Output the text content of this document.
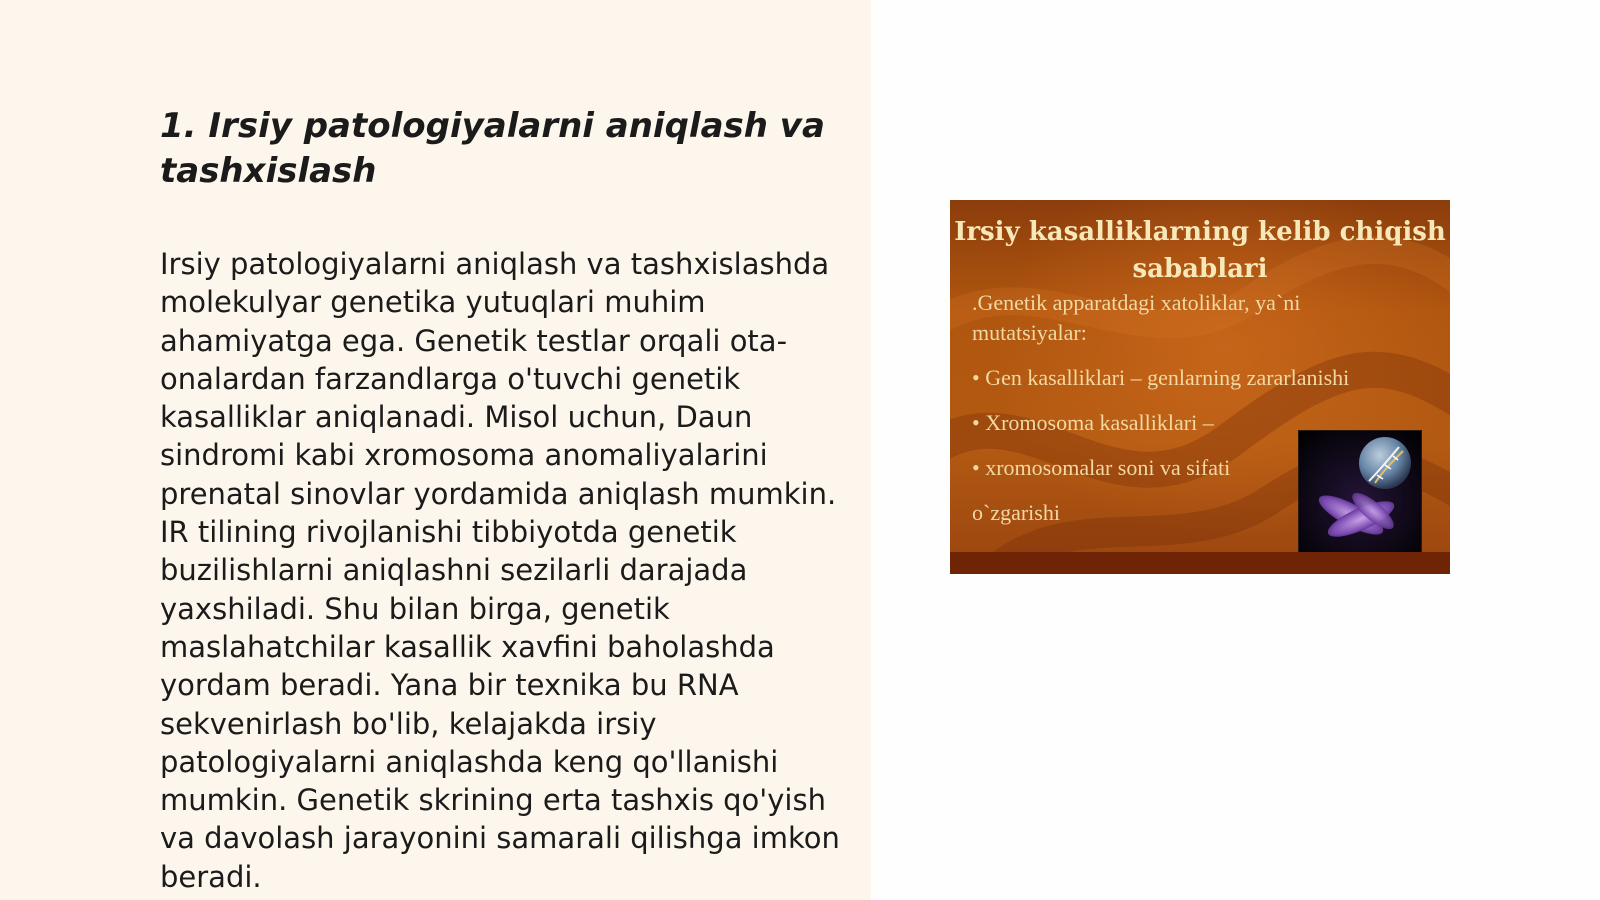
1. Irsiy patologiyalarni aniqlash va tashxislash

Irsiy patologiyalarni aniqlash va tashxislashda molekulyar genetika yutuqlari muhim ahamiyatga ega. Genetik testlar orqali ota-onalardan farzandlarga o'tuvchi genetik kasalliklar aniqlanadi. Misol uchun, Daun sindromi kabi xromosoma anomaliyalarini prenatal sinovlar yordamida aniqlash mumkin. IR tilining rivojlanishi tibbiyotda genetik buzilishlarni aniqlashni sezilarli darajada yaxshiladi. Shu bilan birga, genetik maslahatchilar kasallik xavfini baholashda yordam beradi. Yana bir texnika bu RNA sekvenirlash bo'lib, kelajakda irsiy patologiyalarni aniqlashda keng qo'llanishi mumkin. Genetik skrining erta tashxis qo'yish va davolash jarayonini samarali qilishga imkon beradi.

Irsiy kasalliklarning kelib chiqish
sabablari

.Genetik apparatdagi xatoliklar, ya`ni

mutatsiyalar:

• Gen kasalliklari – genlarning zararlanishi

• Xromosoma kasalliklari –

• xromosomalar soni va sifati

o`zgarishi
